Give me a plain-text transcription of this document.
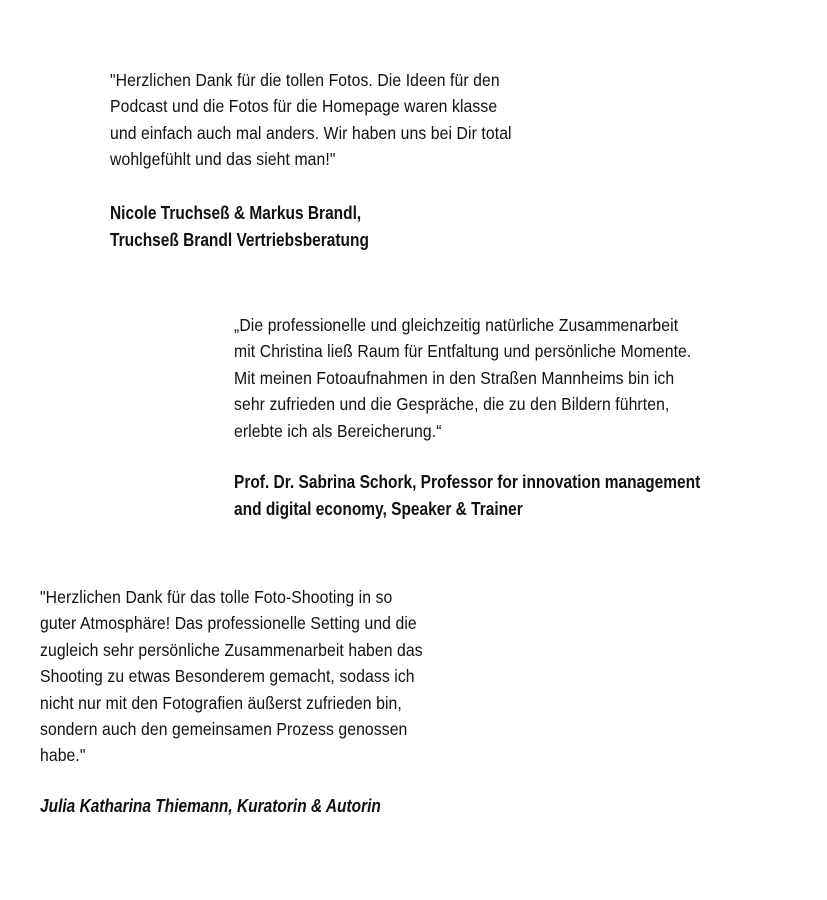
"Herzlichen Dank für die tollen Fotos. Die Ideen für den
Podcast und die Fotos für die Homepage waren klasse
und einfach auch mal anders. Wir haben uns bei Dir total
wohlgefühlt und das sieht man!"
Nicole Truchseß & Markus Brandl,
Truchseß Brandl Vertriebsberatung
„Die professionelle und gleichzeitig natürliche Zusammenarbeit
mit Christina ließ Raum für Entfaltung und persönliche Momente.
Mit meinen Fotoaufnahmen in den Straßen Mannheims bin ich
sehr zufrieden und die Gespräche, die zu den Bildern führten,
erlebte ich als Bereicherung.“
Prof. Dr. Sabrina Schork, Professor for innovation management
and digital economy, Speaker & Trainer
"Herzlichen Dank für das tolle Foto-Shooting in so
guter Atmosphäre! Das professionelle Setting und die
zugleich sehr persönliche Zusammenarbeit haben das
Shooting zu etwas Besonderem gemacht, sodass ich
nicht nur mit den Fotografien äußerst zufrieden bin,
sondern auch den gemeinsamen Prozess genossen
habe."
Julia Katharina Thiemann, Kuratorin & Autorin
